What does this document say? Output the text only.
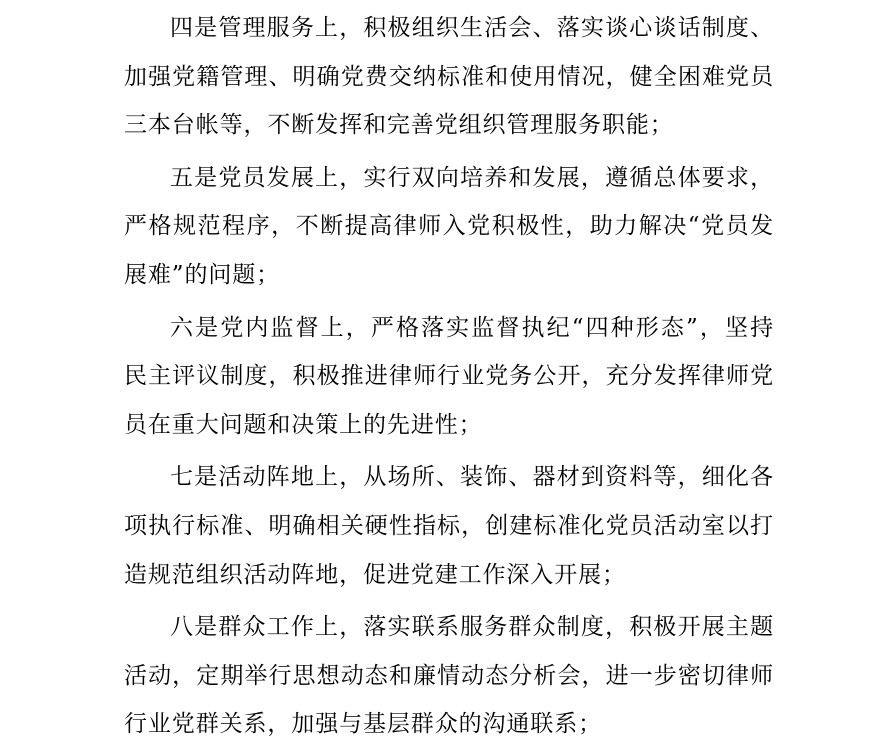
四是管理服务上，积极组织生活会、落实谈心谈话制度、
加强党籍管理、明确党费交纳标准和使用情况，健全困难党员
三本台帐等，不断发挥和完善党组织管理服务职能；

五是党员发展上，实行双向培养和发展，遵循总体要求，
严格规范程序，不断提高律师入党积极性，助力解决“党员发
展难”的问题；

六是党内监督上，严格落实监督执纪“四种形态”，坚持
民主评议制度，积极推进律师行业党务公开，充分发挥律师党
员在重大问题和决策上的先进性；

七是活动阵地上，从场所、装饰、器材到资料等，细化各
项执行标准、明确相关硬性指标，创建标准化党员活动室以打
造规范组织活动阵地，促进党建工作深入开展；

八是群众工作上，落实联系服务群众制度，积极开展主题
活动，定期举行思想动态和廉情动态分析会，进一步密切律师
行业党群关系，加强与基层群众的沟通联系；
